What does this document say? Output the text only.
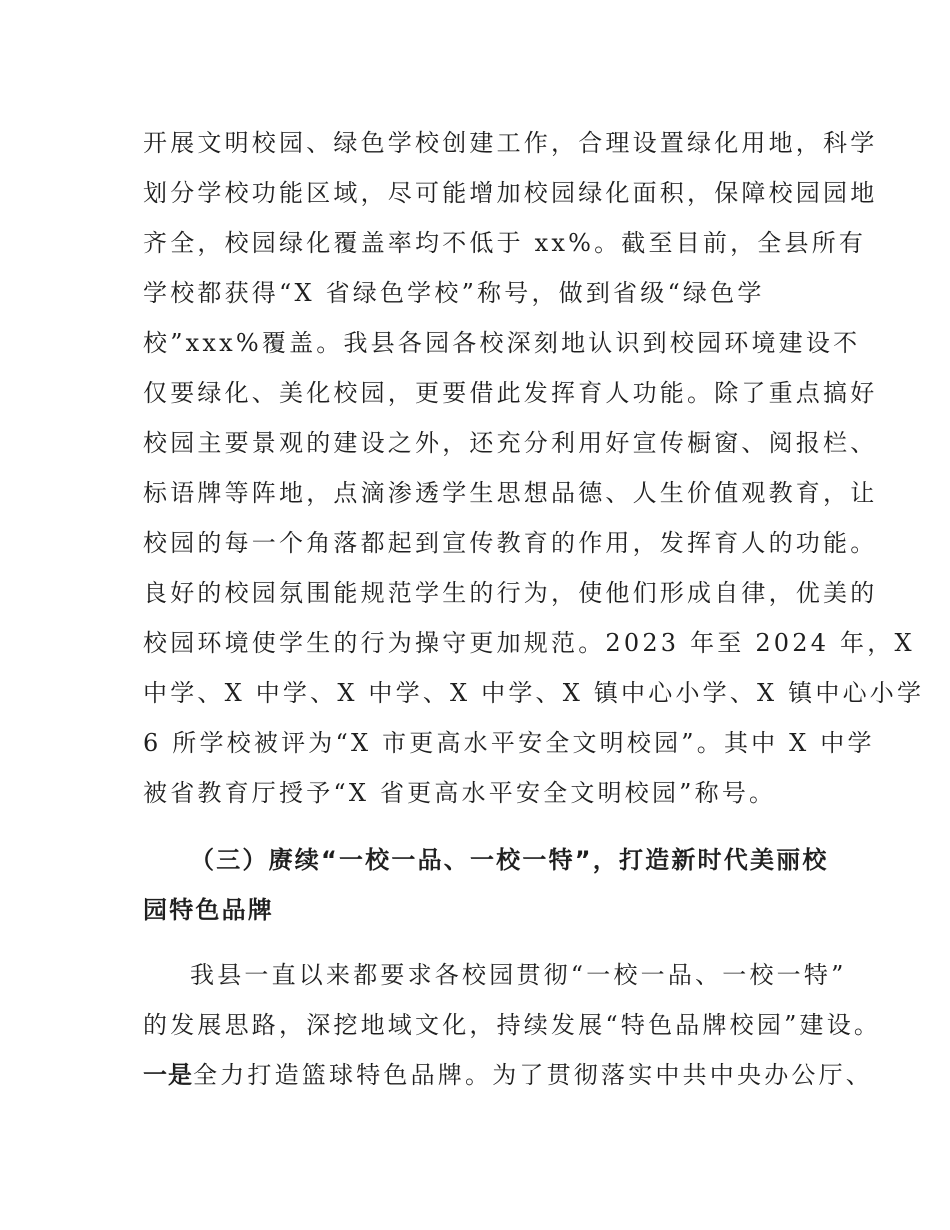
开展文明校园、绿色学校创建工作，合理设置绿化用地，科学
划分学校功能区域，尽可能增加校园绿化面积，保障校园园地
齐全，校园绿化覆盖率均不低于 xx%。截至目前，全县所有
学校都获得“X 省绿色学校”称号，做到省级“绿色学
校”xxx%覆盖。我县各园各校深刻地认识到校园环境建设不
仅要绿化、美化校园，更要借此发挥育人功能。除了重点搞好
校园主要景观的建设之外，还充分利用好宣传橱窗、阅报栏、
标语牌等阵地，点滴渗透学生思想品德、人生价值观教育，让
校园的每一个角落都起到宣传教育的作用，发挥育人的功能。
良好的校园氛围能规范学生的行为，使他们形成自律，优美的
校园环境使学生的行为操守更加规范。2023 年至 2024 年，X
中学、X 中学、X 中学、X 中学、X 镇中心小学、X 镇中心小学
6 所学校被评为“X 市更高水平安全文明校园”。其中 X 中学
被省教育厅授予“X 省更高水平安全文明校园”称号。
（三）赓续“一校一品、一校一特”，打造新时代美丽校
园特色品牌
我县一直以来都要求各校园贯彻“一校一品、一校一特”
的发展思路，深挖地域文化，持续发展“特色品牌校园”建设。
一是全力打造篮球特色品牌。为了贯彻落实中共中央办公厅、
